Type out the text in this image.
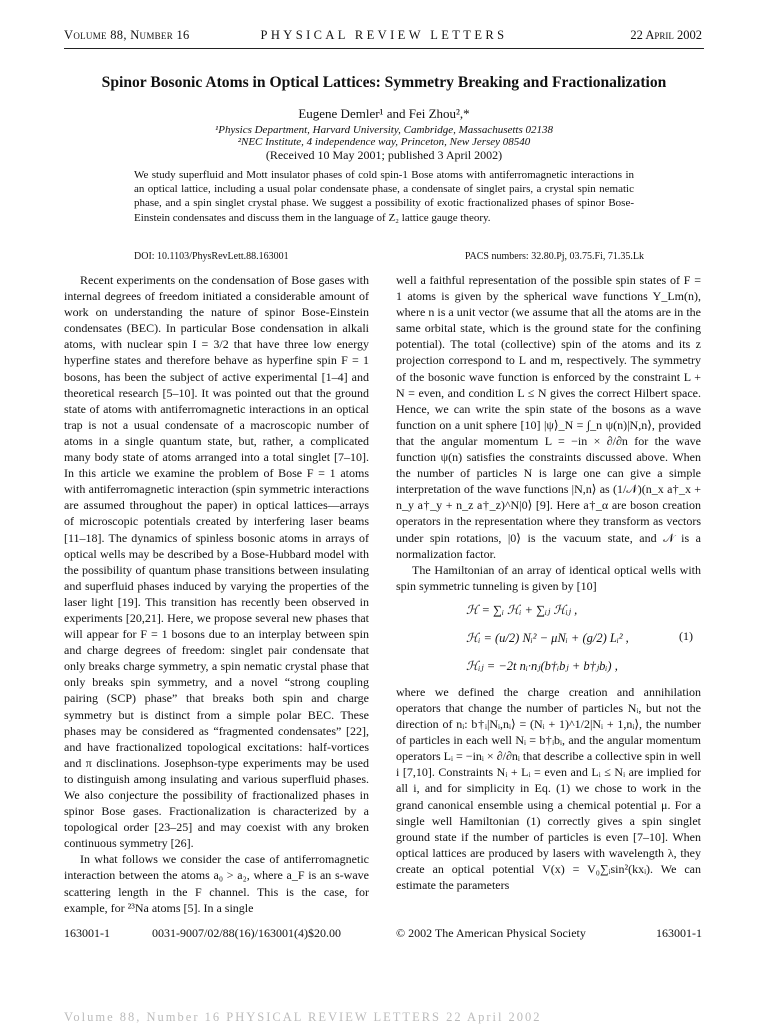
Volume 88, Number 16	PHYSICAL REVIEW LETTERS	22 April 2002
Spinor Bosonic Atoms in Optical Lattices: Symmetry Breaking and Fractionalization
Eugene Demler¹ and Fei Zhou²,*
¹Physics Department, Harvard University, Cambridge, Massachusetts 02138
²NEC Institute, 4 independence way, Princeton, New Jersey 08540
(Received 10 May 2001; published 3 April 2002)
We study superfluid and Mott insulator phases of cold spin-1 Bose atoms with antiferromagnetic interactions in an optical lattice, including a usual polar condensate phase, a condensate of singlet pairs, a crystal spin nematic phase, and a spin singlet crystal phase. We suggest a possibility of exotic fractionalized phases of spinor Bose-Einstein condensates and discuss them in the language of Z₂ lattice gauge theory.
DOI: 10.1103/PhysRevLett.88.163001	PACS numbers: 32.80.Pj, 03.75.Fi, 71.35.Lk

Recent experiments on the condensation of Bose gases with internal degrees of freedom initiated a considerable amount of work on understanding the nature of spinor Bose-Einstein condensates (BEC). In particular Bose condensation in alkali atoms, with nuclear spin I = 3/2 that have three low energy hyperfine states and therefore behave as hyperfine spin F = 1 bosons, has been the subject of active experimental [1–4] and theoretical research [5–10]. It was pointed out that the ground state of atoms with antiferromagnetic interactions in an optical trap is not a usual condensate of a macroscopic number of atoms in a single quantum state, but, rather, a complicated many body state of atoms arranged into a total singlet [7–10]. In this article we examine the problem of Bose F = 1 atoms with antiferromagnetic interaction (spin symmetric interactions are assumed throughout the paper) in optical lattices—arrays of microscopic potentials created by interfering laser beams [11–18]. The dynamics of spinless bosonic atoms in arrays of optical wells may be described by a Bose-Hubbard model with the possibility of quantum phase transitions between insulating and superfluid phases induced by varying the properties of the laser light [19]. This transition has recently been observed in experiments [20,21]. Here, we propose several new phases that will appear for F = 1 bosons due to an interplay between spin and charge degrees of freedom: singlet pair condensate that only breaks charge symmetry, a spin nematic crystal phase that only breaks spin symmetry, and a novel “strong coupling pairing (SCP) phase” that breaks both spin and charge symmetry but is distinct from a simple polar BEC. These phases may be considered as “fragmented condensates” [22], and have fractionalized topological excitations: half-vortices and π disclinations. Josephson-type experiments may be used to distinguish among insulating and various superfluid phases. We also conjecture the possibility of fractionalized phases in spinor Bose gases. Fractionalization is characterized by a topological order [23–25] and may coexist with any broken continuous symmetry [26].

In what follows we consider the case of antiferromagnetic interaction between the atoms a₀ > a₂, where a_F is an s-wave scattering length in the F channel. This is the case, for example, for ²³Na atoms [5]. In a single

well a faithful representation of the possible spin states of F = 1 atoms is given by the spherical wave functions Y_Lm(n), where n is a unit vector (we assume that all the atoms are in the same orbital state, which is the ground state for the confining potential). The total (collective) spin of the atoms and its z projection correspond to L and m, respectively. The symmetry of the bosonic wave function is enforced by the constraint L + N = even, and condition L ≤ N gives the correct Hilbert space. Hence, we can write the spin state of the bosons as a wave function on a unit sphere [10] |ψ⟩_N = ∫_n ψ(n)|N,n⟩, provided that the angular momentum L = −in × ∂/∂n for the wave function ψ(n) satisfies the constraints discussed above. When the number of particles N is large one can give a simple interpretation of the wave functions |N,n⟩ as (1/𝒩)(n_x a†_x + n_y a†_y + n_z a†_z)^N|0⟩ [9]. Here a†_α are boson creation operators in the representation where they transform as vectors under spin rotations, |0⟩ is the vacuum state, and 𝒩 is a normalization factor.

The Hamiltonian of an array of identical optical wells with spin symmetric tunneling is given by [10]

ℋ = ∑ᵢ ℋᵢ + ∑ᵢⱼ ℋᵢⱼ ,
ℋᵢ = (u/2) Nᵢ² − μNᵢ + (g/2) Lᵢ² ,
ℋᵢⱼ = −2t nᵢ·nⱼ(b†ᵢbⱼ + b†ⱼbᵢ) ,
(1)

where we defined the charge creation and annihilation operators that change the number of particles Nᵢ, but not the direction of nᵢ: b†ᵢ|Nᵢ,nᵢ⟩ = (Nᵢ + 1)^1/2|Nᵢ + 1,nᵢ⟩, the number of particles in each well Nᵢ = b†ᵢbᵢ, and the angular momentum operators Lᵢ = −inᵢ × ∂/∂nᵢ that describe a collective spin in well i [7,10]. Constraints Nᵢ + Lᵢ = even and Lᵢ ≤ Nᵢ are implied for all i, and for simplicity in Eq. (1) we chose to work in the grand canonical ensemble using a chemical potential μ. For a single well Hamiltonian (1) correctly gives a spin singlet ground state if the number of particles is even [7–10]. When optical lattices are produced by lasers with wavelength λ, they create an optical potential V(x) = V₀∑ᵢsin²(kxᵢ). We can estimate the parameters

163001-1	0031-9007/02/88(16)/163001(4)$20.00	© 2002 The American Physical Society	163001-1
Volume 88, Number 16 PHYSICAL REVIEW LETTERS 22 April 2002
